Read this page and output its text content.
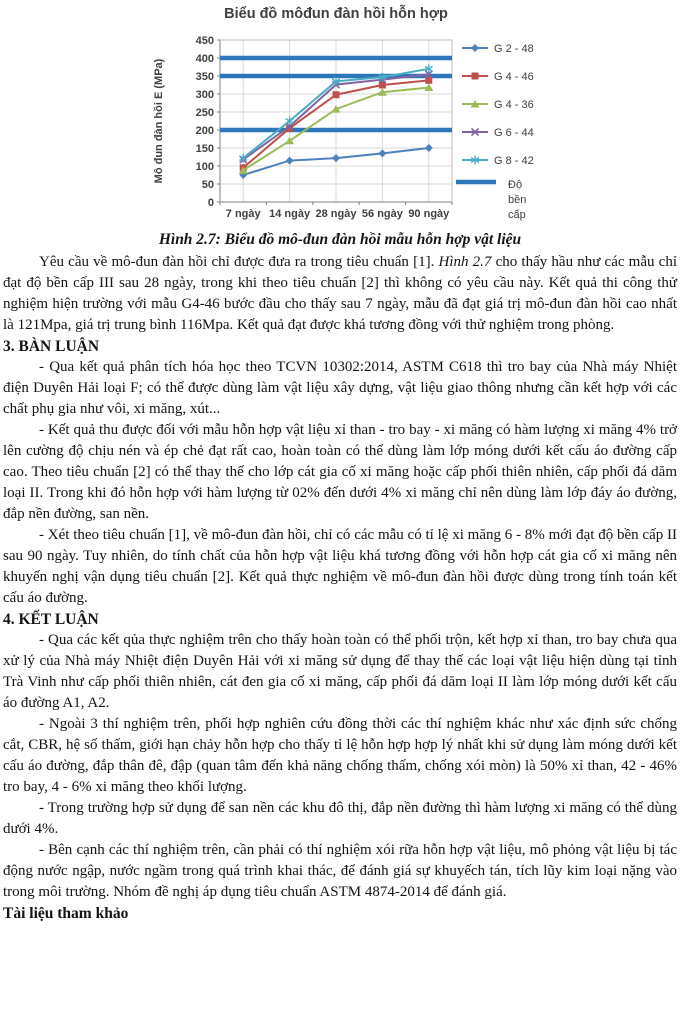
0
50
100
150
200
250
300
350
400
450
7 ngày 14 ngày 28 ngày 56 ngày 90 ngày
Biểu đồ môđun đàn hồi hỗn hợp
Mô đun đàn hồi E (MPa)
G 2 - 48
G 4 - 46
G 4 - 36
G 6 - 44
G 8 - 42
Độ bền cấp

Hình 2.7: Biểu đồ mô-đun đàn hồi mẫu hỗn hợp vật liệu

Yêu cầu về mô-đun đàn hồi chỉ được đưa ra trong tiêu chuẩn [1]. Hình 2.7 cho thấy hầu như các mẫu chỉ đạt độ bền cấp III sau 28 ngày, trong khi theo tiêu chuẩn [2] thì không có yêu cầu này. Kết quả thi công thử nghiệm hiện trường với mẫu G4-46 bước đầu cho thấy sau 7 ngày, mẫu đã đạt giá trị mô-đun đàn hồi cao nhất là 121Mpa, giá trị trung bình 116Mpa. Kết quả đạt được khá tương đồng với thử nghiệm trong phòng.

3. BÀN LUẬN

- Qua kết quả phân tích hóa học theo TCVN 10302:2014, ASTM C618 thì tro bay của Nhà máy Nhiệt điện Duyên Hải loại F; có thể được dùng làm vật liệu xây dựng, vật liệu giao thông nhưng cần kết hợp với các chất phụ gia như vôi, xi măng, xút...

- Kết quả thu được đối với mẫu hỗn hợp vật liệu xỉ than - tro bay - xi măng có hàm lượng xi măng 4% trở lên cường độ chịu nén và ép chẻ đạt rất cao, hoàn toàn có thể dùng làm lớp móng dưới kết cấu áo đường cấp cao. Theo tiêu chuẩn [2] có thể thay thế cho lớp cát gia cố xi măng hoặc cấp phối thiên nhiên, cấp phối đá dăm loại II. Trong khi đó hỗn hợp với hàm lượng từ 02% đến dưới 4% xi măng chỉ nên dùng làm lớp đáy áo đường, đắp nền đường, san nền.

- Xét theo tiêu chuẩn [1], về mô-đun đàn hồi, chỉ có các mẫu có tỉ lệ xi măng 6 - 8% mới đạt độ bền cấp II sau 90 ngày. Tuy nhiên, do tính chất của hỗn hợp vật liệu khá tương đồng với hỗn hợp cát gia cố xi măng nên khuyến nghị vận dụng tiêu chuẩn [2]. Kết quả thực nghiệm về mô-đun đàn hồi được dùng trong tính toán kết cấu áo đường.

4. KẾT LUẬN

- Qua các kết qủa thực nghiệm trên cho thấy hoàn toàn có thể phối trộn, kết hợp xỉ than, tro bay chưa qua xử lý của Nhà máy Nhiệt điện Duyên Hải với xi măng sử dụng để thay thế các loại vật liệu hiện dùng tại tỉnh Trà Vinh như cấp phối thiên nhiên, cát đen gia cố xi măng, cấp phối đá dăm loại II làm lớp móng dưới kết cấu áo đường A1, A2.

- Ngoài 3 thí nghiệm trên, phối hợp nghiên cứu đồng thời các thí nghiệm khác như xác định sức chống cắt, CBR, hệ số thấm, giới hạn chảy hỗn hợp cho thấy tỉ lệ hỗn hợp hợp lý nhất khi sử dụng làm móng dưới kết cấu áo đường, đắp thân đê, đập (quan tâm đến khả năng chống thấm, chống xói mòn) là 50% xỉ than, 42 - 46% tro bay, 4 - 6% xi măng theo khối lượng.

- Trong trường hợp sử dụng để san nền các khu đô thị, đắp nền đường thì hàm lượng xi măng có thể dùng dưới 4%.

- Bên cạnh các thí nghiệm trên, cần phải có thí nghiệm xói rữa hỗn hợp vật liệu, mô phỏng vật liệu bị tác động nước ngập, nước ngầm trong quá trình khai thác, để đánh giá sự khuyếch tán, tích lũy kim loại nặng vào trong môi trường. Nhóm đề nghị áp dụng tiêu chuẩn ASTM 4874-2014 để đánh giá.

Tài liệu tham khảo
